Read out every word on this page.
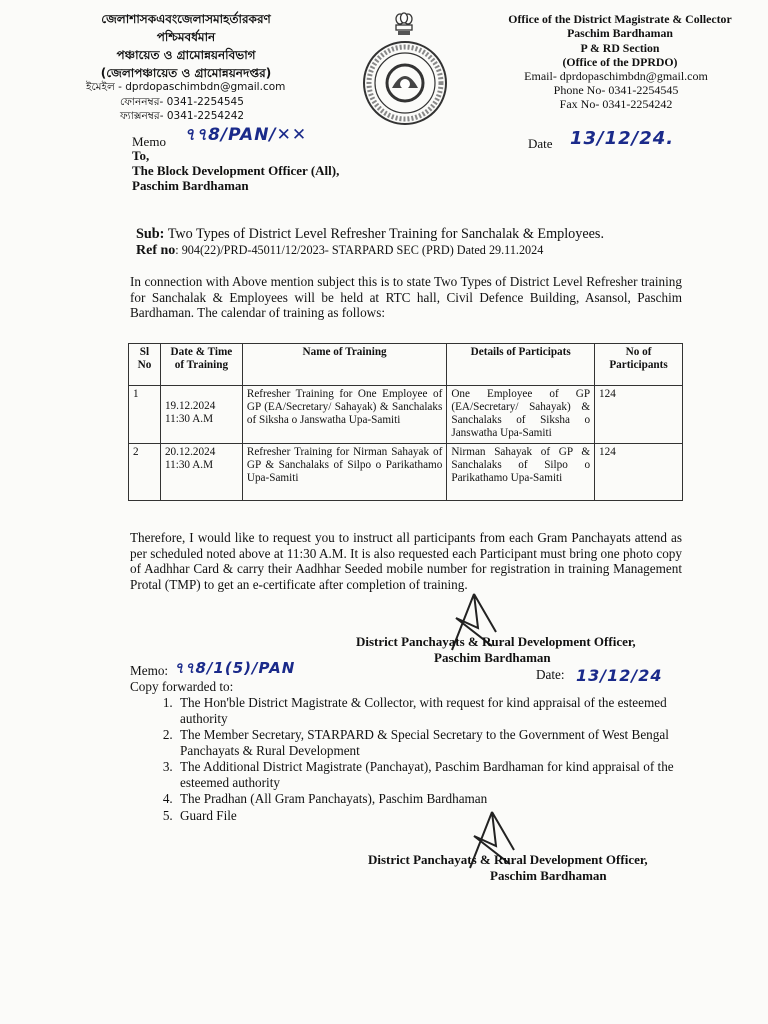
জেলাশাসকএবংজেলাসমাহর্তারকরণ
পশ্চিমবর্ধমান
পঞ্চায়েত ও গ্রামোন্নয়নবিভাগ
(জেলাপঞ্চায়েত ও গ্রামোন্নয়নদপ্তর)
ইমেইল - dprdopaschimbdn@gmail.com
ফোননম্বর- 0341-2254545
ফ্যাক্সনম্বর- 0341-2254242
Office of the District Magistrate & Collector
Paschim Bardhaman
P & RD Section
(Office of the DPRDO)
Email- dprdopaschimbdn@gmail.com
Phone No- 0341-2254545
Fax No- 0341-2254242
Memo ৭৭8/PAN/✕✕	Date 13/12/24.
To,
The Block Development Officer (All),
Paschim Bardhaman
Sub: Two Types of District Level Refresher Training for Sanchalak & Employees.
Ref no: 904(22)/PRD-45011/12/2023- STARPARD SEC (PRD) Dated 29.11.2024
In connection with Above mention subject this is to state Two Types of District Level Refresher training for Sanchalak & Employees will be held at RTC hall, Civil Defence Building, Asansol, Paschim Bardhaman. The calendar of training as follows:
Sl No	Date & Time of Training	Name of Training	Details of Participats	No of Participants
1	19.12.2024
11:30 A.M	Refresher Training for One Employee of GP (EA/Secretary/ Sahayak) & Sanchalaks of Siksha o Janswatha Upa-Samiti	One Employee of GP (EA/Secretary/ Sahayak) & Sanchalaks of Siksha o Janswatha Upa-Samiti	124
2	20.12.2024
11:30 A.M	Refresher Training for Nirman Sahayak of GP & Sanchalaks of Silpo o Parikathamo Upa-Samiti	Nirman Sahayak of GP & Sanchalaks of Silpo o Parikathamo Upa-Samiti	124
Therefore, I would like to request you to instruct all participants from each Gram Panchayats attend as per scheduled noted above at 11:30 A.M. It is also requested each Participant must bring one photo copy of Aadhhar Card & carry their Aadhhar Seeded mobile number for registration in training Management Protal (TMP) to get an e-certificate after completion of training.
District Panchayats & Rural Development Officer,
Paschim Bardhaman
Memo: ৭৭8/1(5)/PAN	Date: 13/12/24
Copy forwarded to:
1. The Hon'ble District Magistrate & Collector, with request for kind appraisal of the esteemed authority
2. The Member Secretary, STARPARD & Special Secretary to the Government of West Bengal Panchayats & Rural Development
3. The Additional District Magistrate (Panchayat), Paschim Bardhaman for kind appraisal of the esteemed authority
4. The Pradhan (All Gram Panchayats), Paschim Bardhaman
5. Guard File
District Panchayats & Rural Development Officer,
Paschim Bardhaman
